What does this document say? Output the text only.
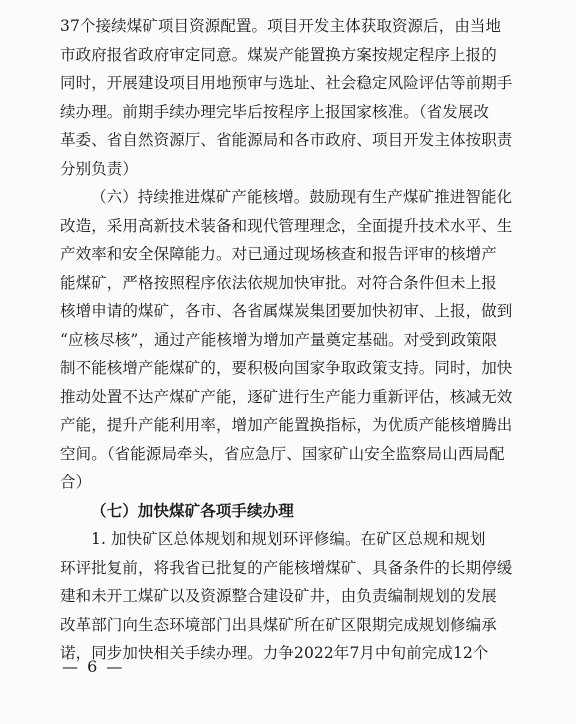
37个接续煤矿项目资源配置。项目开发主体获取资源后，由当地
市政府报省政府审定同意。煤炭产能置换方案按规定程序上报的
同时，开展建设项目用地预审与选址、社会稳定风险评估等前期手
续办理。前期手续办理完毕后按程序上报国家核准。（省发展改
革委、省自然资源厅、省能源局和各市政府、项目开发主体按职责
分别负责）
（六）持续推进煤矿产能核增。鼓励现有生产煤矿推进智能化
改造，采用高新技术装备和现代管理理念，全面提升技术水平、生
产效率和安全保障能力。对已通过现场核查和报告评审的核增产
能煤矿，严格按照程序依法依规加快审批。对符合条件但未上报
核增申请的煤矿，各市、各省属煤炭集团要加快初审、上报，做到
“应核尽核”，通过产能核增为增加产量奠定基础。对受到政策限
制不能核增产能煤矿的，要积极向国家争取政策支持。同时，加快
推动处置不达产煤矿产能，逐矿进行生产能力重新评估，核减无效
产能，提升产能利用率，增加产能置换指标，为优质产能核增腾出
空间。（省能源局牵头，省应急厅、国家矿山安全监察局山西局配
合）
（七）加快煤矿各项手续办理
1. 加快矿区总体规划和规划环评修编。在矿区总规和规划
环评批复前，将我省已批复的产能核增煤矿、具备条件的长期停缓
建和未开工煤矿以及资源整合建设矿井，由负责编制规划的发展
改革部门向生态环境部门出具煤矿所在矿区限期完成规划修编承
诺，同步加快相关手续办理。力争2022年7月中旬前完成12个
— 6 —
